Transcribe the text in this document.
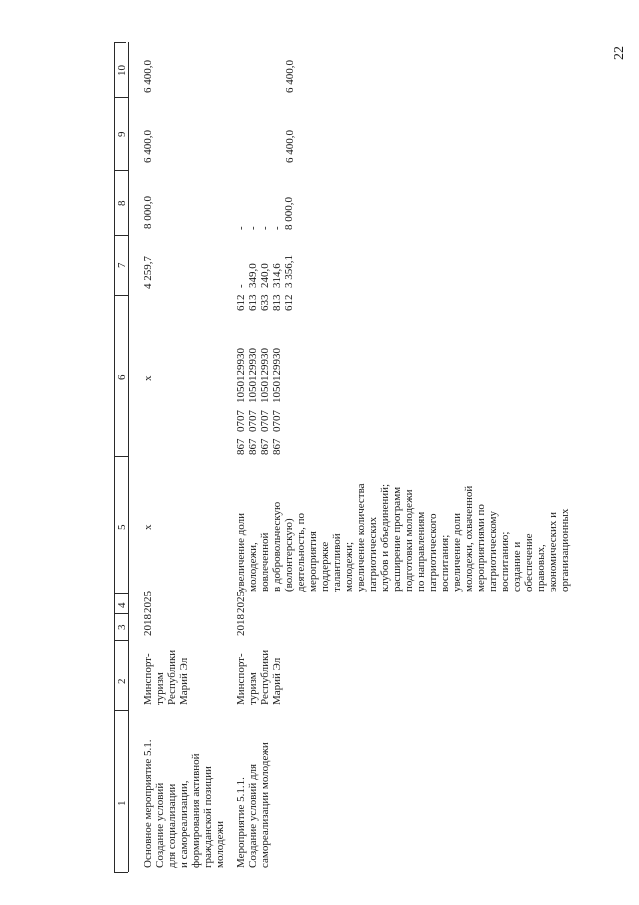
22
1
2
3
4
5
6
7
8
9
10
Основное мероприятие 5.1.
Создание условий
для социализации
и самореализации,
формирования активной
гражданской позиции
молодежи
Минспорт-
туризм
Республики
Марий Эл
2018
2025
х
х
4 259,7
8 000,0
6 400,0
6 400,0
Мероприятие 5.1.1.
Создание условий для
самореализации молодежи
Минспорт-
туризм
Республики
Марий Эл
2018
2025
увеличение доли
молодежи,
вовлеченной
в добровольческую
(волонтерскую)
деятельность, по
мероприятия
поддержке
талантливой
молодежи;
увеличение количества
патриотических
клубов и объединений;
расширение программ
подготовки молодежи
по направлениям
патриотического
воспитания;
увеличение доли
молодежи, охваченной
мероприятиями по
патриотическому
воспитанию;
создание и
обеспечение
правовых,
экономических и
организационных
867
867
867
867
0707
0707
0707
0707
1050129930
1050129930
1050129930
1050129930
612
613
633
813
612
-
349,0
240,0
314,6
3 356,1
-
-
-
-
8 000,0
6 400,0
6 400,0
